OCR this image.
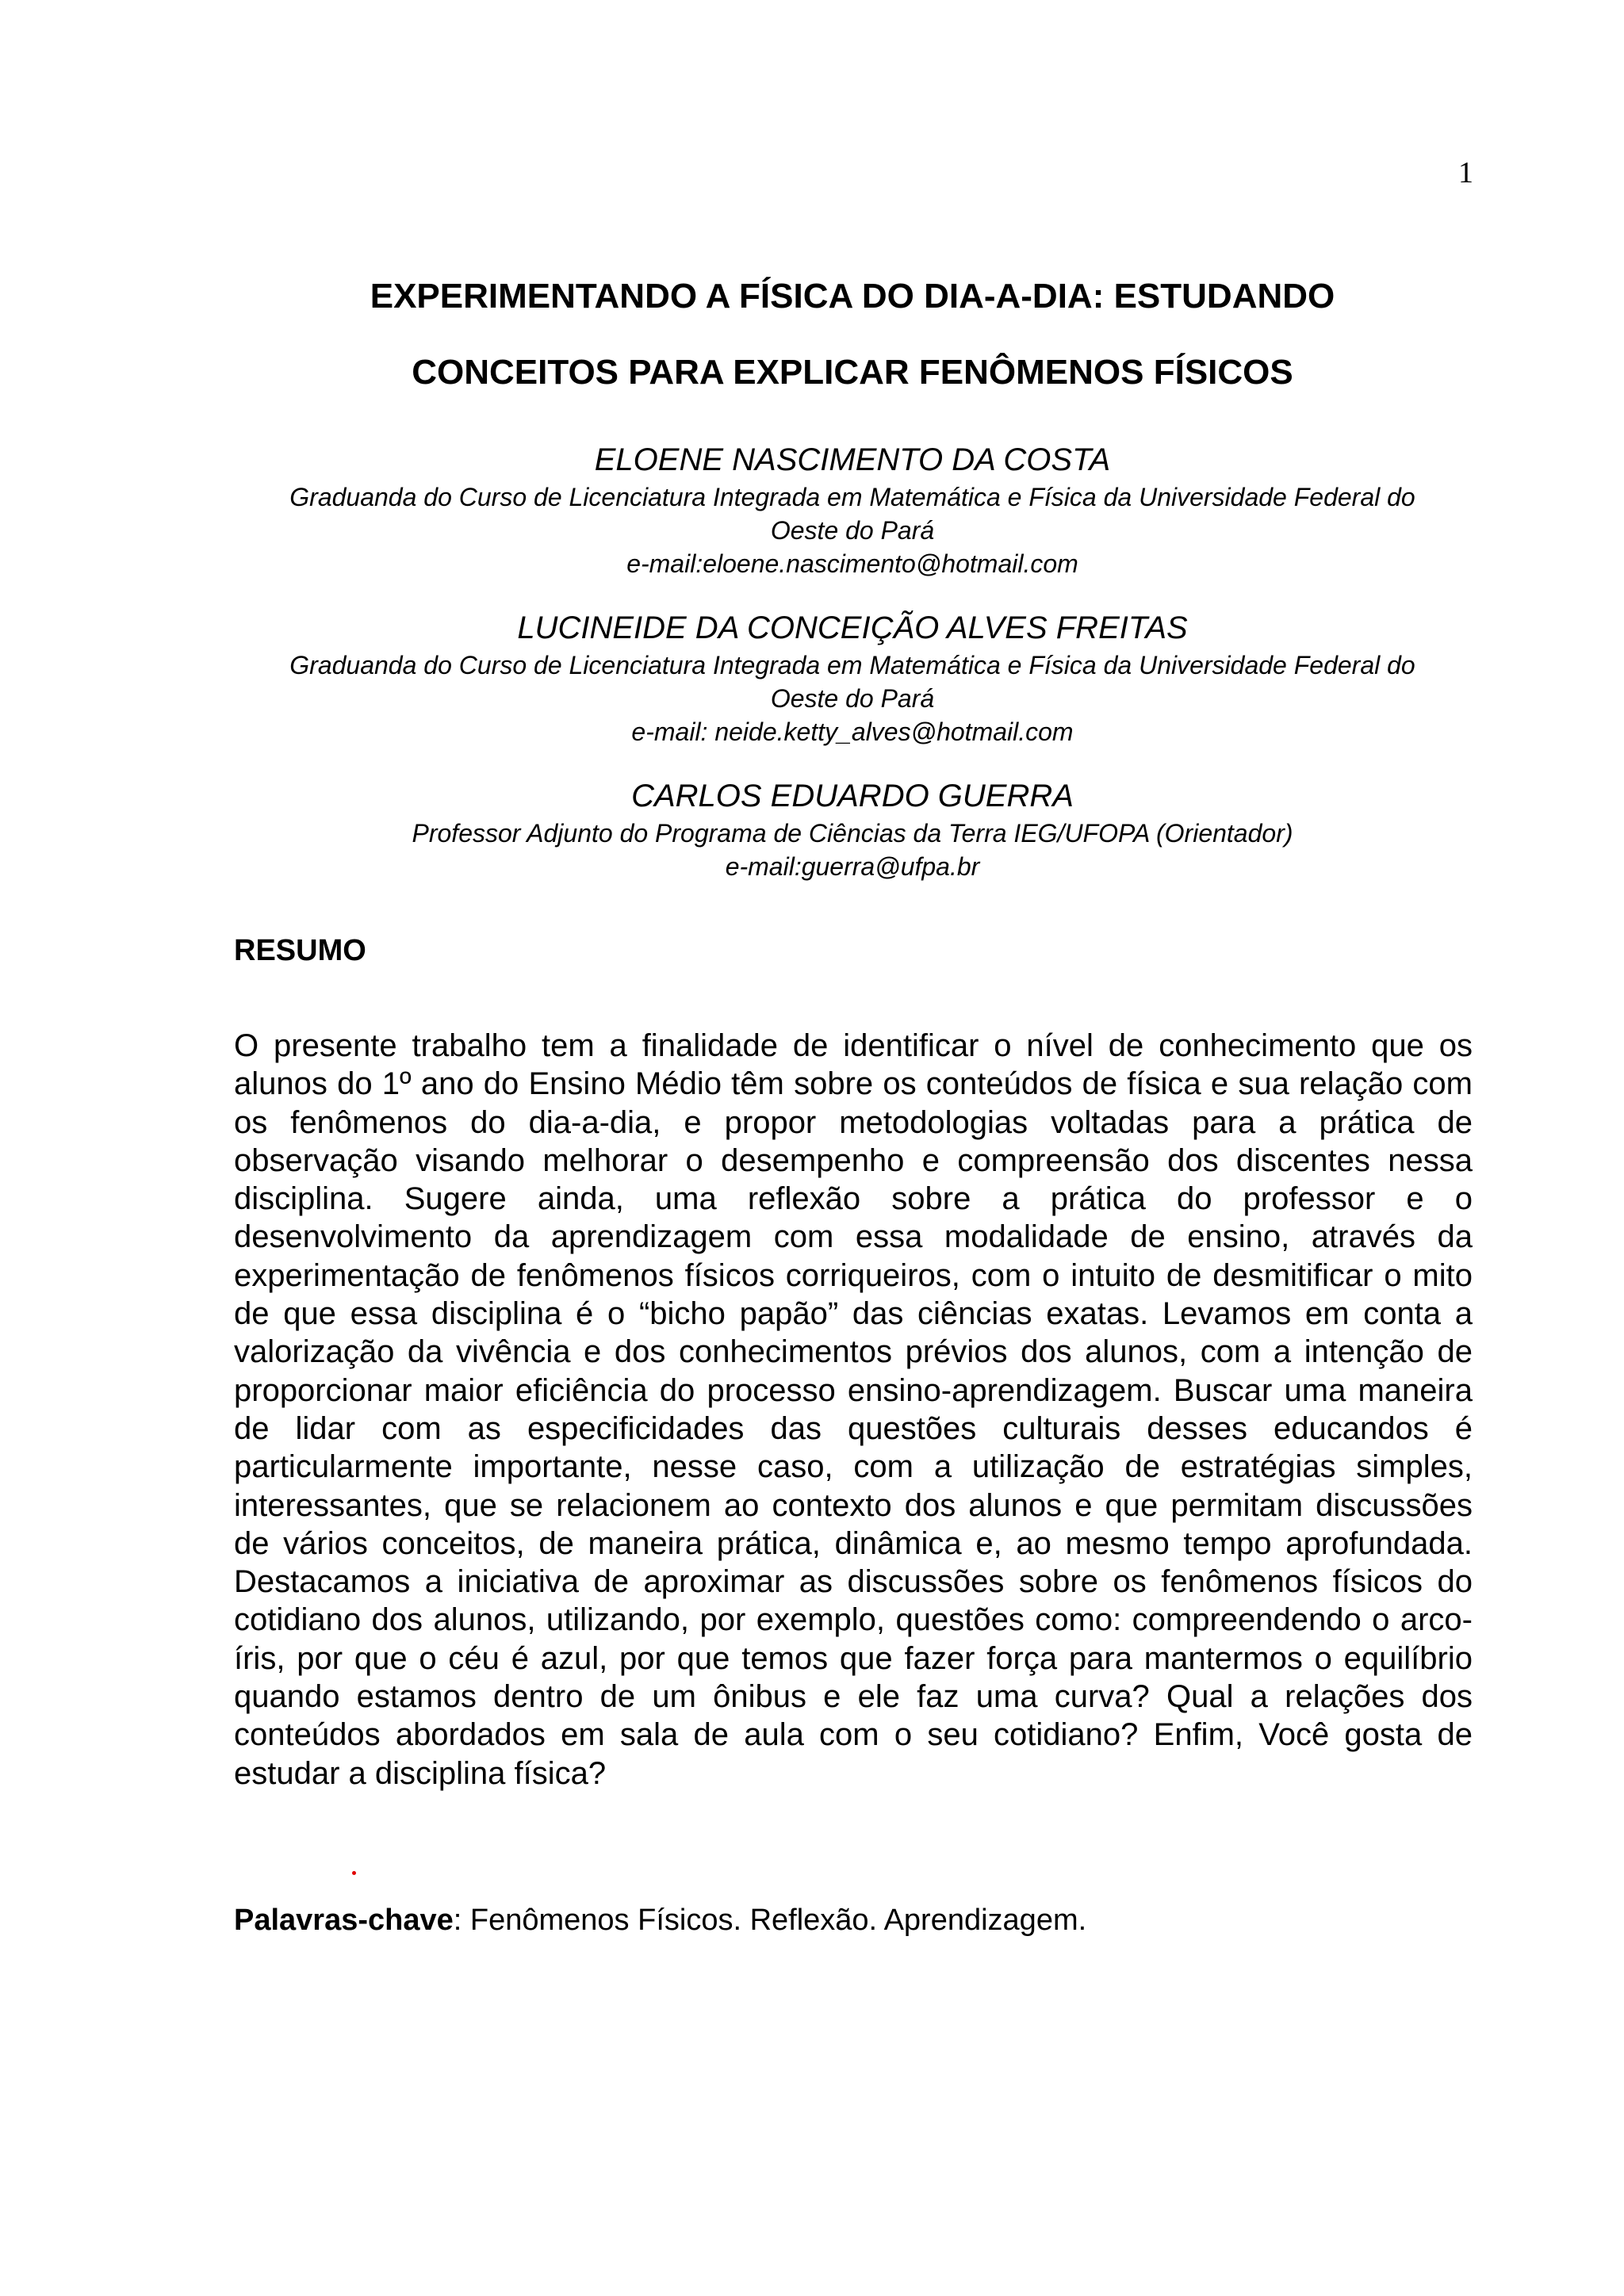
1
EXPERIMENTANDO A FÍSICA DO DIA-A-DIA: ESTUDANDO
CONCEITOS PARA EXPLICAR FENÔMENOS FÍSICOS
ELOENE NASCIMENTO DA COSTA
Graduanda do Curso de Licenciatura Integrada em Matemática e Física da Universidade Federal do
Oeste do Pará
e-mail:eloene.nascimento@hotmail.com
LUCINEIDE DA CONCEIÇÃO ALVES FREITAS
Graduanda do Curso de Licenciatura Integrada em Matemática e Física da Universidade Federal do
Oeste do Pará
e-mail: neide.ketty_alves@hotmail.com
CARLOS EDUARDO GUERRA
Professor Adjunto do Programa de Ciências da Terra IEG/UFOPA (Orientador)
e-mail:guerra@ufpa.br
RESUMO

O presente trabalho tem a finalidade de identificar o nível de conhecimento que os alunos do 1º ano do Ensino Médio têm sobre os conteúdos de física e sua relação com os fenômenos do dia-a-dia, e propor metodologias voltadas para a prática de observação visando melhorar o desempenho e compreensão dos discentes nessa disciplina. Sugere ainda, uma reflexão sobre a prática do professor e o desenvolvimento da aprendizagem com essa modalidade de ensino, através da experimentação de fenômenos físicos corriqueiros, com o intuito de desmitificar o mito de que essa disciplina é o “bicho papão” das ciências exatas. Levamos em conta a valorização da vivência e dos conhecimentos prévios dos alunos, com a intenção de proporcionar maior eficiência do processo ensino-aprendizagem. Buscar uma maneira de lidar com as especificidades das questões culturais desses educandos é particularmente importante, nesse caso, com a utilização de estratégias simples, interessantes, que se relacionem ao contexto dos alunos e que permitam discussões de vários conceitos, de maneira prática, dinâmica e, ao mesmo tempo aprofundada. Destacamos a iniciativa de aproximar as discussões sobre os fenômenos físicos do cotidiano dos alunos, utilizando, por exemplo, questões como: compreendendo o arco-íris, por que o céu é azul, por que temos que fazer força para mantermos o equilíbrio quando estamos dentro de um ônibus e ele faz uma curva? Qual a relações dos conteúdos abordados em sala de aula com o seu cotidiano? Enfim, Você gosta de estudar a disciplina física?

Palavras-chave: Fenômenos Físicos. Reflexão. Aprendizagem.
